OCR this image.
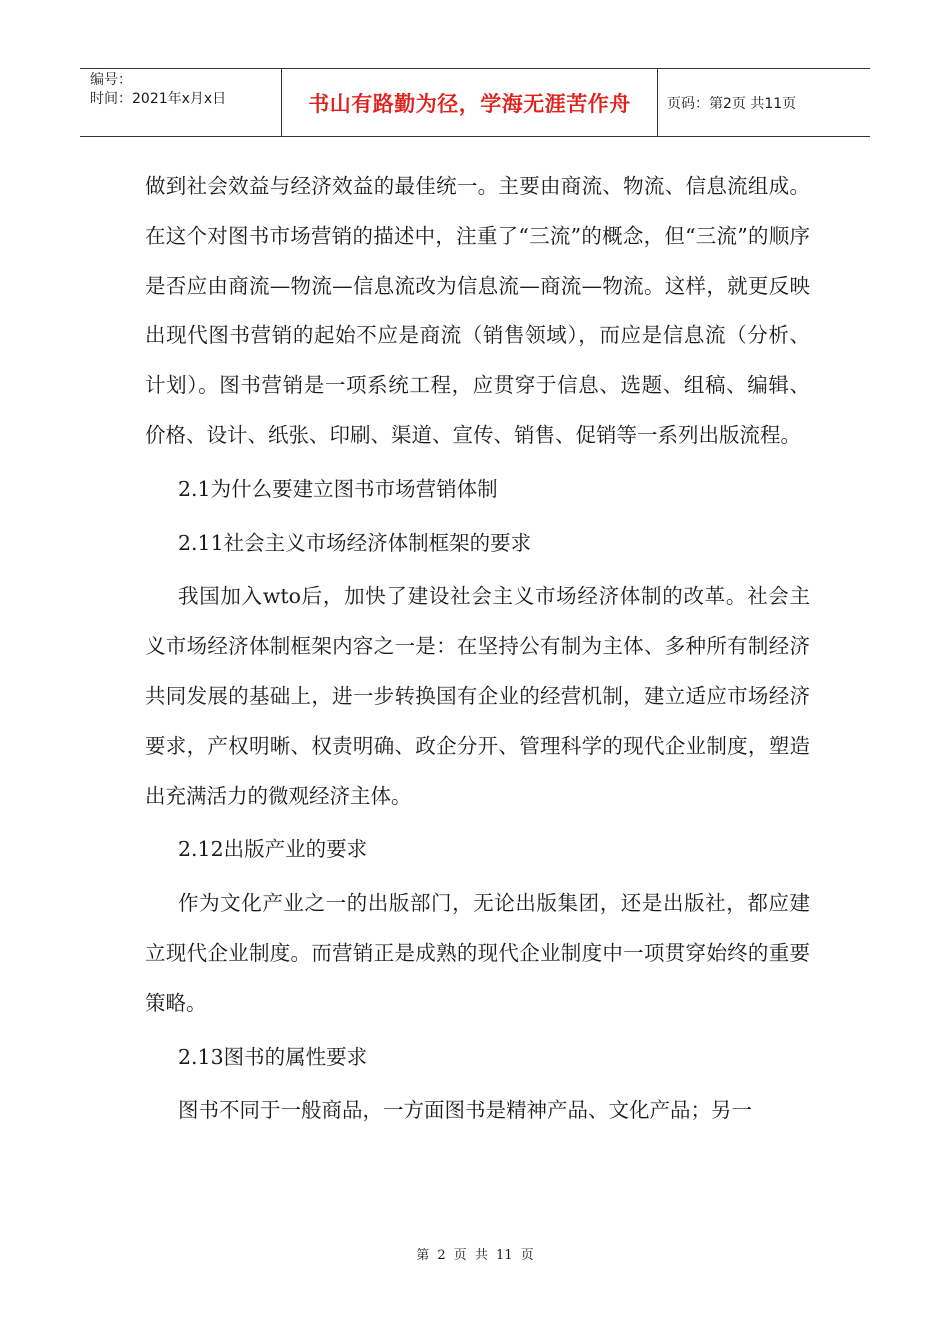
编号：
时间：2021年x月x日	书山有路勤为径，学海无涯苦作舟	页码：第2页 共11页

做到社会效益与经济效益的最佳统一。主要由商流、物流、信息流组成。在这个对图书市场营销的描述中，注重了“三流”的概念，但“三流”的顺序是否应由商流—物流—信息流改为信息流—商流—物流。这样，就更反映出现代图书营销的起始不应是商流（销售领域），而应是信息流（分析、计划）。图书营销是一项系统工程，应贯穿于信息、选题、组稿、编辑、价格、设计、纸张、印刷、渠道、宣传、销售、促销等一系列出版流程。

2.1为什么要建立图书市场营销体制

2.11社会主义市场经济体制框架的要求

我国加入wto后，加快了建设社会主义市场经济体制的改革。社会主义市场经济体制框架内容之一是：在坚持公有制为主体、多种所有制经济共同发展的基础上，进一步转换国有企业的经营机制，建立适应市场经济要求，产权明晰、权责明确、政企分开、管理科学的现代企业制度，塑造出充满活力的微观经济主体。

2.12出版产业的要求

作为文化产业之一的出版部门，无论出版集团，还是出版社，都应建立现代企业制度。而营销正是成熟的现代企业制度中一项贯穿始终的重要策略。

2.13图书的属性要求

图书不同于一般商品，一方面图书是精神产品、文化产品；另一

第 2 页 共 11 页
